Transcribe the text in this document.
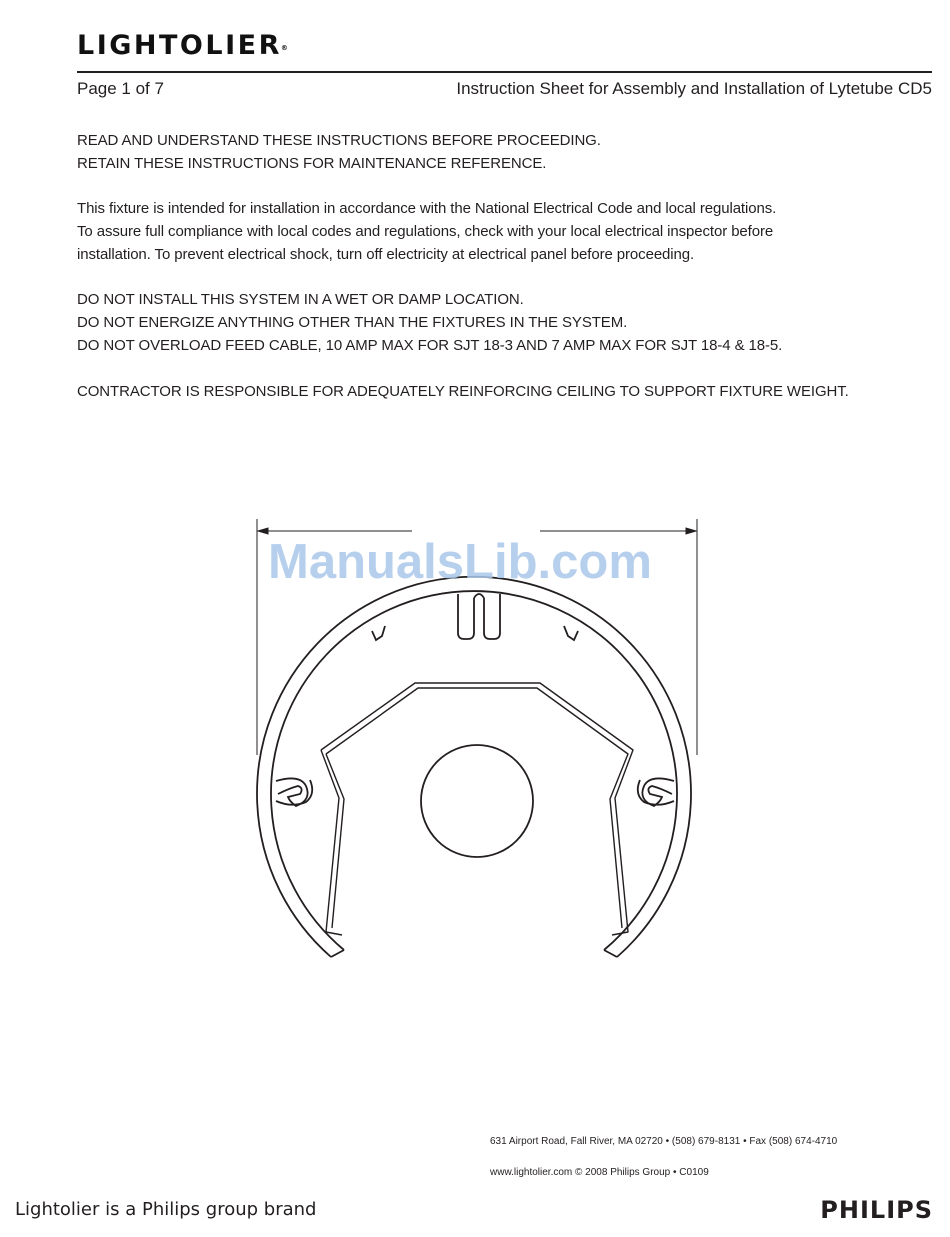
LIGHTOLIER®
Page 1 of 7	Instruction Sheet for Assembly and Installation of Lytetube CD5
READ AND UNDERSTAND THESE INSTRUCTIONS BEFORE PROCEEDING.
RETAIN THESE INSTRUCTIONS FOR MAINTENANCE REFERENCE.
This fixture is intended for installation in accordance with the National Electrical Code and local regulations.
To assure full compliance with local codes and regulations, check with your local electrical inspector before
installation. To prevent electrical shock, turn off electricity at electrical panel before proceeding.
DO NOT INSTALL THIS SYSTEM IN A WET OR DAMP LOCATION.
DO NOT ENERGIZE ANYTHING OTHER THAN THE FIXTURES IN THE SYSTEM.
DO NOT OVERLOAD FEED CABLE, 10 AMP MAX FOR SJT 18-3 AND 7 AMP MAX FOR SJT 18-4 & 18-5.
CONTRACTOR IS RESPONSIBLE FOR ADEQUATELY REINFORCING CEILING TO SUPPORT FIXTURE WEIGHT.
ManualsLib.com
631 Airport Road, Fall River, MA 02720 • (508) 679-8131 • Fax (508) 674-4710
www.lightolier.com © 2008 Philips Group • C0109
Lightolier is a Philips group brand	PHILIPS
